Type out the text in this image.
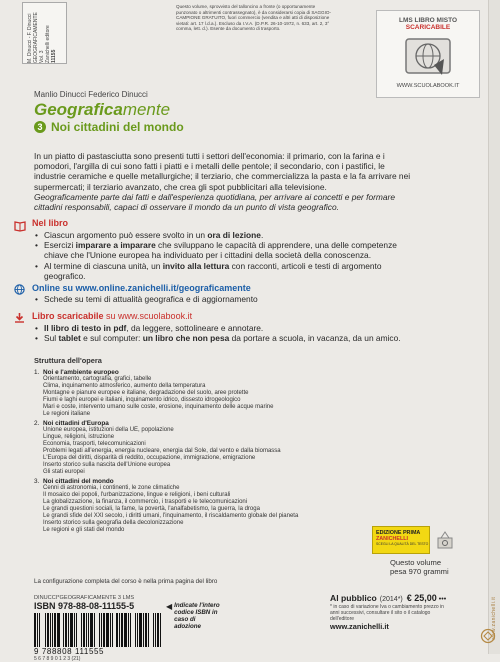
M. Dinucci - F. Dinucci GEOGRAFICAMENTE Vol. 3 Zanichelli editore 11155
Questo volume, sprovvisto del talloncino a fronte (o opportunamente punzonato o altrimenti contrassegnato), è da considerarsi copia di SAGGIO-CAMPIONE GRATUITO, fuori commercio (vendita e altri atti di disposizione vietati: art. 17 l.d.a.). Escluso da I.V.A. (D.P.R. 26-10-1972, n. 633, art. 2, 3° comma, lett. d.). Esente da documento di trasporto.
LMS LIBRO MISTO
SCARICABILE
WWW.SCUOLABOOK.IT
Manlio Dinucci Federico Dinucci
Geograficamente
3 Noi cittadini del mondo
In un piatto di pastasciutta sono presenti tutti i settori dell'economia: il primario, con la farina e i pomodori, l'argilla di cui sono fatti i piatti e i metalli delle pentole; il secondario, con i pastifici, le industrie ceramiche e quelle metallurgiche; il terziario, che commercializza la pasta e la fa arrivare nei supermercati; il terziario avanzato, che crea gli spot pubblicitari alla televisione.
Geograficamente parte dai fatti e dall'esperienza quotidiana, per arrivare ai concetti e per formare cittadini responsabili, capaci di osservare il mondo da un punto di vista geografico.
Nel libro
• Ciascun argomento può essere svolto in un ora di lezione.
• Esercizi imparare a imparare che sviluppano le capacità di apprendere, una delle competenze chiave che l'Unione europea ha individuato per i cittadini della società della conoscenza.
• Al termine di ciascuna unità, un invito alla lettura con racconti, articoli e testi di argomento geografico.
Online su www.online.zanichelli.it/geograficamente
• Schede su temi di attualità geografica e di aggiornamento
Libro scaricabile su www.scuolabook.it
• Il libro di testo in pdf, da leggere, sottolineare e annotare.
• Sul tablet e sul computer: un libro che non pesa da portare a scuola, in vacanza, da un amico.
Struttura dell'opera
1. Noi e l'ambiente europeo
Orientamento, cartografia, grafici, tabelle
Clima, inquinamento atmosferico, aumento della temperatura
Montagne e pianure europee e italiane, degradazione del suolo, aree protette
Fiumi e laghi europei e italiani, inquinamento idrico, dissesto idrogeologico
Mari e coste, intervento umano sulle coste, erosione, inquinamento delle acque marine
Le regioni italiane
2. Noi cittadini d'Europa
Unione europea, istituzioni della UE, popolazione
Lingue, religioni, istruzione
Economia, trasporti, telecomunicazioni
Problemi legati all'energia, energia nucleare, energia dal Sole, dal vento e dalla biomassa
L'Europa del diritti, disparità di reddito, occupazione, immigrazione, emigrazione
Inserto storico sulla nascita dell'Unione europea
Gli stati europei
3. Noi cittadini del mondo
Cenni di astronomia, i continenti, le zone climatiche
Il mosaico dei popoli, l'urbanizzazione, lingue e religioni, i beni culturali
La globalizzazione, la finanza, il commercio, i trasporti e le telecomunicazioni
Le grandi questioni sociali, la fame, la povertà, l'analfabetismo, la guerra, la droga
Le grandi sfide del XXI secolo, i diritti umani, l'inquinamento, il riscaldamento globale del pianeta
Inserto storico sulla geografia della decolonizzazione
Le regioni e gli stati del mondo
La configurazione completa del corso è nella prima pagina del libro
DINUCCI*GEOGRAFICAMENTE 3 LMS
ISBN 978-88-08-11155-5
9 788808 111555
5 6 7 8 9 0 1 2 3 (21)
◀ Indicate l'intero codice ISBN in caso di adozione
EDIZIONE PRIMA
ZANICHELLI
SCEGLI LA QUALITÀ DEL TESTO
Questo volume
pesa 970 grammi
Al pubblico (2014*) € 25,00 •••
* in caso di variazione Iva o cambiamento prezzo in anni successivi, consultare il sito o il catalogo dell'editore
www.zanichelli.it	www.zanichelli.it
